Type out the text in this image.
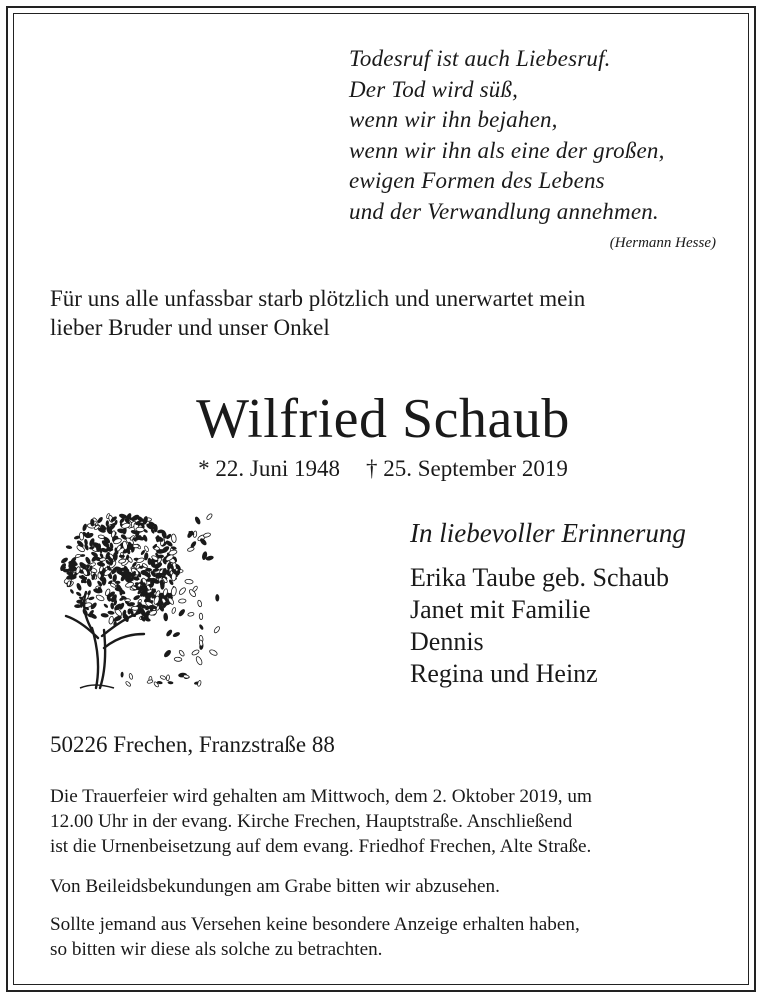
Todesruf ist auch Liebesruf.
Der Tod wird süß,
wenn wir ihn bejahen,
wenn wir ihn als eine der großen,
ewigen Formen des Lebens
und der Verwandlung annehmen.
(Hermann Hesse)
Für uns alle unfassbar starb plötzlich und unerwartet mein
lieber Bruder und unser Onkel
Wilfried Schaub
* 22. Juni 1948 † 25. September 2019
In liebevoller Erinnerung
Erika Taube geb. Schaub
Janet mit Familie
Dennis
Regina und Heinz
50226 Frechen, Franzstraße 88
Die Trauerfeier wird gehalten am Mittwoch, dem 2. Oktober 2019, um
12.00 Uhr in der evang. Kirche Frechen, Hauptstraße. Anschließend
ist die Urnenbeisetzung auf dem evang. Friedhof Frechen, Alte Straße.
Von Beileidsbekundungen am Grabe bitten wir abzusehen.
Sollte jemand aus Versehen keine besondere Anzeige erhalten haben,
so bitten wir diese als solche zu betrachten.
